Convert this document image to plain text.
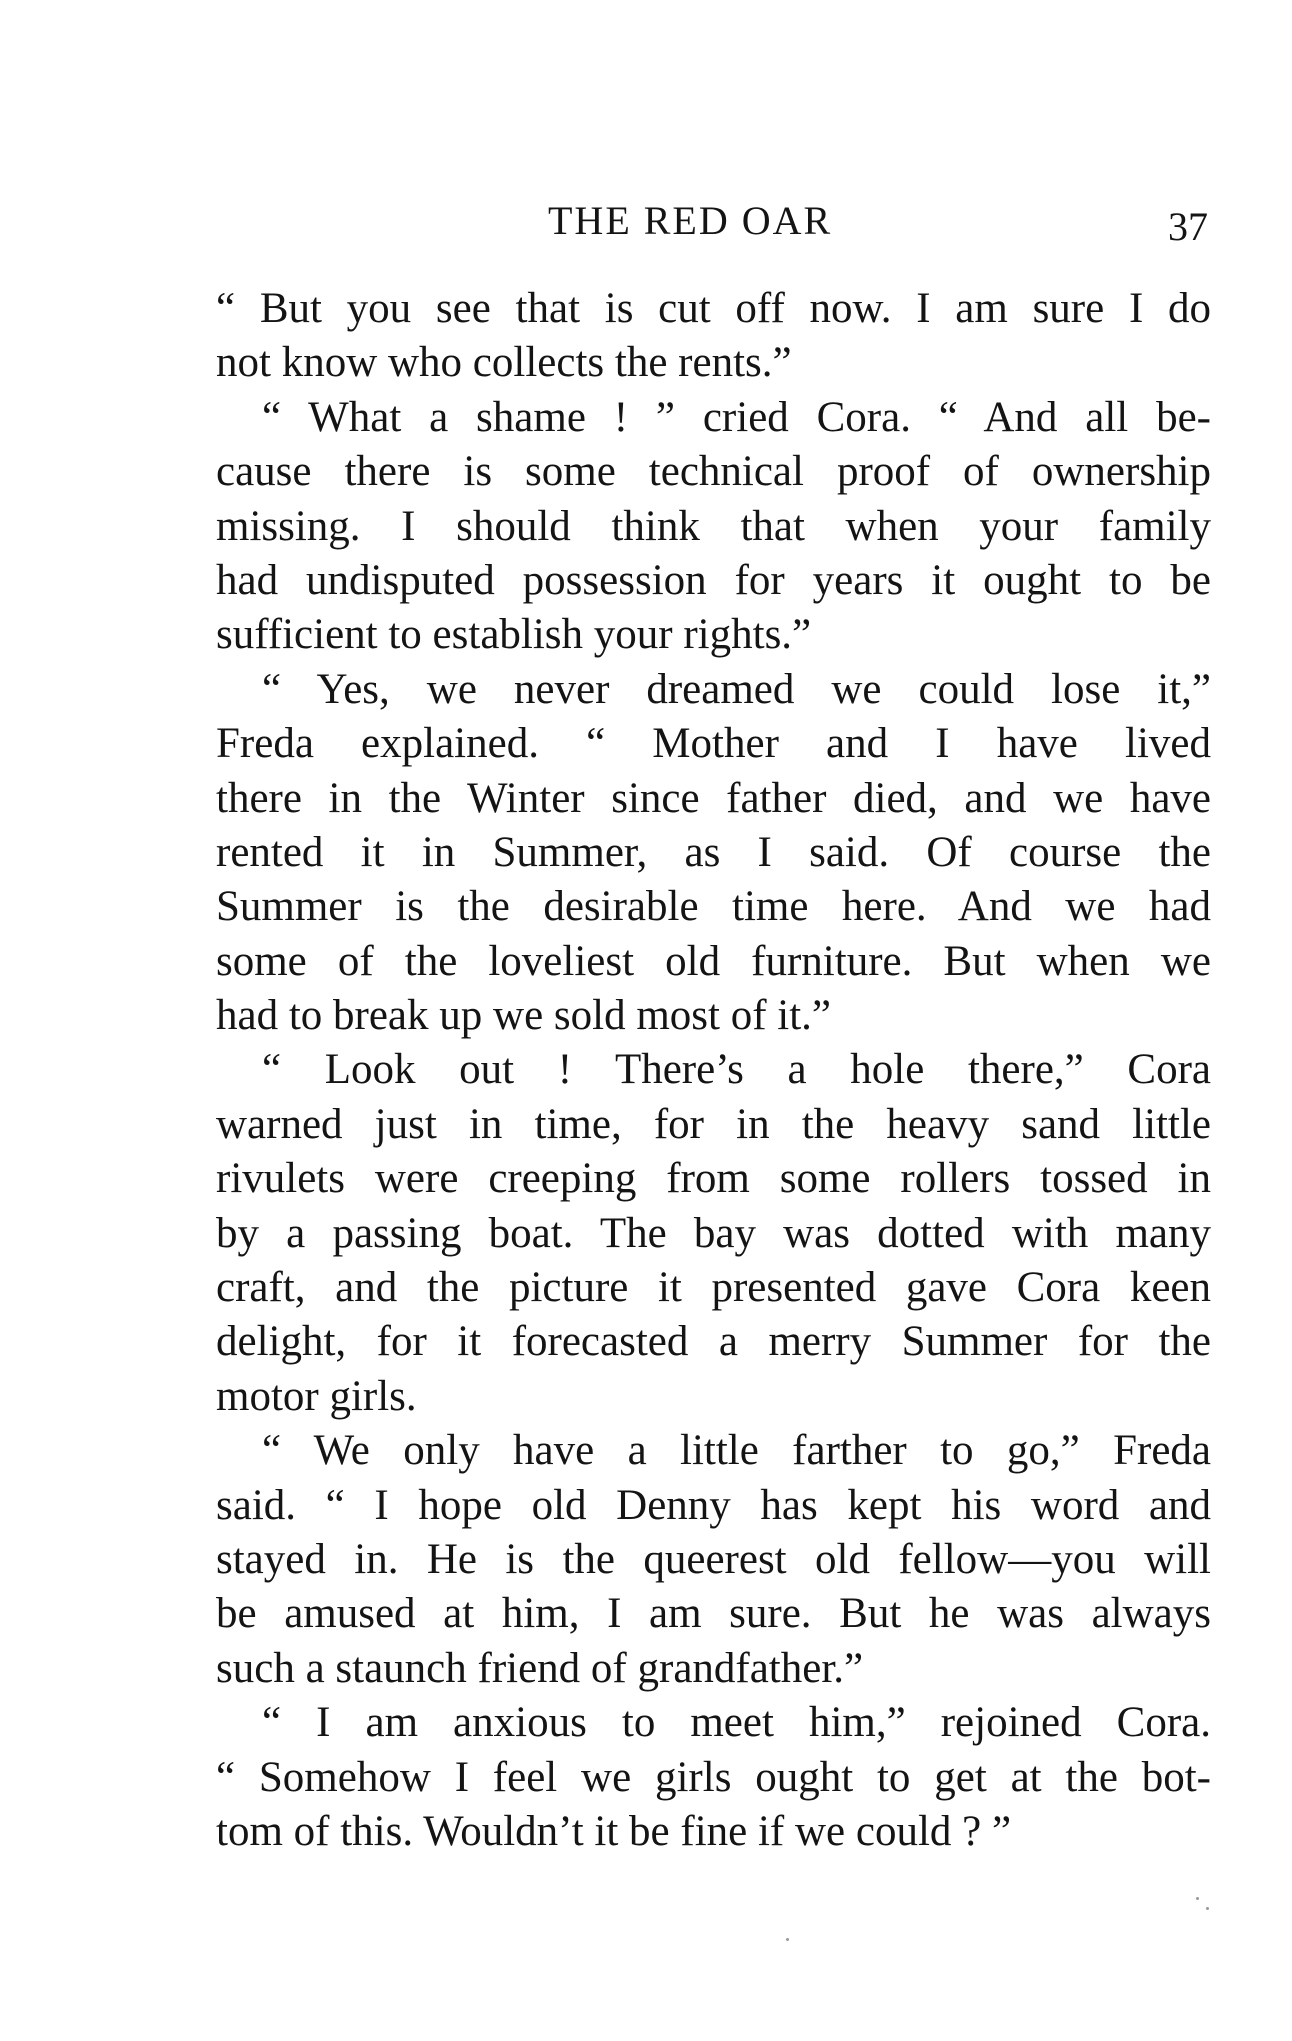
THE RED OAR	37
“ But you see that is cut off now. I am sure I do
not know who collects the rents.”
“ What a shame ! ” cried Cora. “ And all be-
cause there is some technical proof of ownership
missing. I should think that when your family
had undisputed possession for years it ought to be
sufficient to establish your rights.”
“ Yes, we never dreamed we could lose it,”
Freda explained. “ Mother and I have lived
there in the Winter since father died, and we have
rented it in Summer, as I said. Of course the
Summer is the desirable time here. And we had
some of the loveliest old furniture. But when we
had to break up we sold most of it.”
“ Look out ! There’s a hole there,” Cora
warned just in time, for in the heavy sand little
rivulets were creeping from some rollers tossed in
by a passing boat. The bay was dotted with many
craft, and the picture it presented gave Cora keen
delight, for it forecasted a merry Summer for the
motor girls.
“ We only have a little farther to go,” Freda
said. “ I hope old Denny has kept his word and
stayed in. He is the queerest old fellow—you will
be amused at him, I am sure. But he was always
such a staunch friend of grandfather.”
“ I am anxious to meet him,” rejoined Cora.
“ Somehow I feel we girls ought to get at the bot-
tom of this. Wouldn’t it be fine if we could ? ”
